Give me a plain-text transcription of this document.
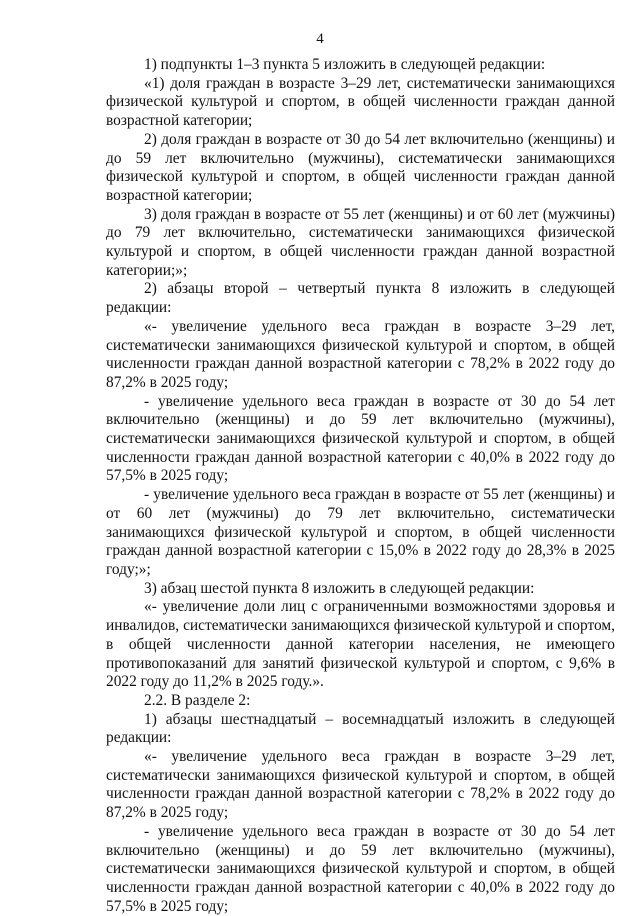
4

1) подпункты 1–3 пункта 5 изложить в следующей редакции:

«1) доля граждан в возрасте 3–29 лет, систематически занимающихся физической культурой и спортом, в общей численности граждан данной возрастной категории;

2) доля граждан в возрасте от 30 до 54 лет включительно (женщины) и до 59 лет включительно (мужчины), систематически занимающихся физической культурой и спортом, в общей численности граждан данной возрастной категории;

3) доля граждан в возрасте от 55 лет (женщины) и от 60 лет (мужчины) до 79 лет включительно, систематически занимающихся физической культурой и спортом, в общей численности граждан данной возрастной категории;»;

2) абзацы второй – четвертый пункта 8 изложить в следующей редакции:

«- увеличение удельного веса граждан в возрасте 3–29 лет, систематически занимающихся физической культурой и спортом, в общей численности граждан данной возрастной категории с 78,2% в 2022 году до 87,2% в 2025 году;

- увеличение удельного веса граждан в возрасте от 30 до 54 лет включительно (женщины) и до 59 лет включительно (мужчины), систематически занимающихся физической культурой и спортом, в общей численности граждан данной возрастной категории с 40,0% в 2022 году до 57,5% в 2025 году;

- увеличение удельного веса граждан в возрасте от 55 лет (женщины) и от 60 лет (мужчины) до 79 лет включительно, систематически занимающихся физической культурой и спортом, в общей численности граждан данной возрастной категории с 15,0% в 2022 году до 28,3% в 2025 году;»;

3) абзац шестой пункта 8 изложить в следующей редакции:

«- увеличение доли лиц с ограниченными возможностями здоровья и инвалидов, систематически занимающихся физической культурой и спортом, в общей численности данной категории населения, не имеющего противопоказаний для занятий физической культурой и спортом, с 9,6% в 2022 году до 11,2% в 2025 году.».

2.2. В разделе 2:

1) абзацы шестнадцатый – восемнадцатый изложить в следующей редакции:

«- увеличение удельного веса граждан в возрасте 3–29 лет, систематически занимающихся физической культурой и спортом, в общей численности граждан данной возрастной категории с 78,2% в 2022 году до 87,2% в 2025 году;

- увеличение удельного веса граждан в возрасте от 30 до 54 лет включительно (женщины) и до 59 лет включительно (мужчины), систематически занимающихся физической культурой и спортом, в общей численности граждан данной возрастной категории с 40,0% в 2022 году до 57,5% в 2025 году;
